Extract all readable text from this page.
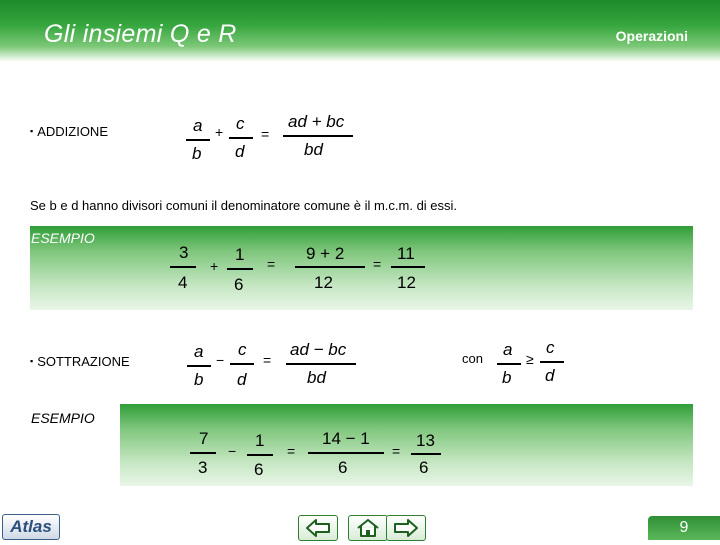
Gli insiemi Q e R	Operazioni
▪ ADDIZIONE	a
b
+ c
d
=
ad + bc
bd
Se b e d hanno divisori comuni il denominatore comune è il m.c.m. di essi.
ESEMPIO
3
4
+
1
6
=
9 + 2
12
=
11
12
▪ SOTTRAZIONE
a
b
−
c
d
=
ad − bc
bd
con a
b
≥
c
d
ESEMPIO
7
3
−
1
6
=
14 − 1
6
=
13
6
Atlas	9
